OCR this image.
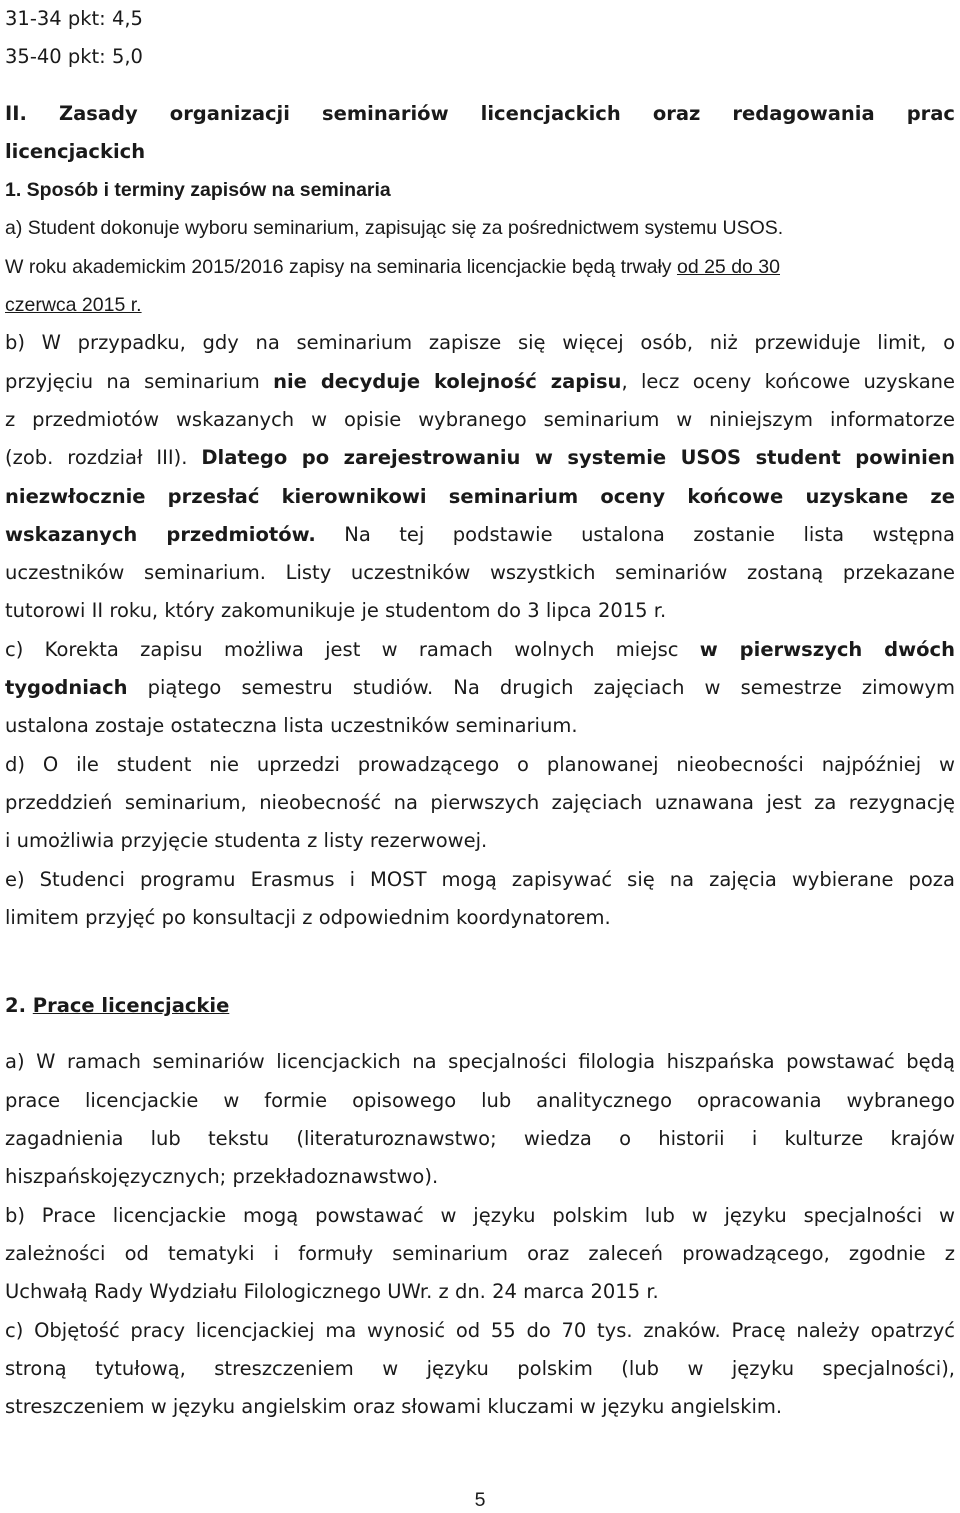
31-34 pkt: 4,5
35-40 pkt: 5,0
II. Zasady organizacji seminariów licencjackich oraz redagowania prac
licencjackich
1. Sposób i terminy zapisów na seminaria
a) Student dokonuje wyboru seminarium, zapisując się za pośrednictwem systemu USOS.
W roku akademickim 2015/2016 zapisy na seminaria licencjackie będą trwały od 25 do 30
czerwca 2015 r.
b) W przypadku, gdy na seminarium zapisze się więcej osób, niż przewiduje limit, o
przyjęciu na seminarium nie decyduje kolejność zapisu, lecz oceny końcowe uzyskane
z przedmiotów wskazanych w opisie wybranego seminarium w niniejszym informatorze
(zob. rozdział III). Dlatego po zarejestrowaniu w systemie USOS student powinien
niezwłocznie przesłać kierownikowi seminarium oceny końcowe uzyskane ze
wskazanych przedmiotów. Na tej podstawie ustalona zostanie lista wstępna
uczestników seminarium. Listy uczestników wszystkich seminariów zostaną przekazane
tutorowi II roku, który zakomunikuje je studentom do 3 lipca 2015 r.
c) Korekta zapisu możliwa jest w ramach wolnych miejsc w pierwszych dwóch
tygodniach piątego semestru studiów. Na drugich zajęciach w semestrze zimowym
ustalona zostaje ostateczna lista uczestników seminarium.
d) O ile student nie uprzedzi prowadzącego o planowanej nieobecności najpóźniej w
przeddzień seminarium, nieobecność na pierwszych zajęciach uznawana jest za rezygnację
i umożliwia przyjęcie studenta z listy rezerwowej.
e) Studenci programu Erasmus i MOST mogą zapisywać się na zajęcia wybierane poza
limitem przyjęć po konsultacji z odpowiednim koordynatorem.
2. Prace licencjackie
a) W ramach seminariów licencjackich na specjalności filologia hiszpańska powstawać będą
prace licencjackie w formie opisowego lub analitycznego opracowania wybranego
zagadnienia lub tekstu (literaturoznawstwo; wiedza o historii i kulturze krajów
hiszpańskojęzycznych; przekładoznawstwo).
b) Prace licencjackie mogą powstawać w języku polskim lub w języku specjalności w
zależności od tematyki i formuły seminarium oraz zaleceń prowadzącego, zgodnie z
Uchwałą Rady Wydziału Filologicznego UWr. z dn. 24 marca 2015 r.
c) Objętość pracy licencjackiej ma wynosić od 55 do 70 tys. znaków. Pracę należy opatrzyć
stroną tytułową, streszczeniem w języku polskim (lub w języku specjalności),
streszczeniem w języku angielskim oraz słowami kluczami w języku angielskim.
5
